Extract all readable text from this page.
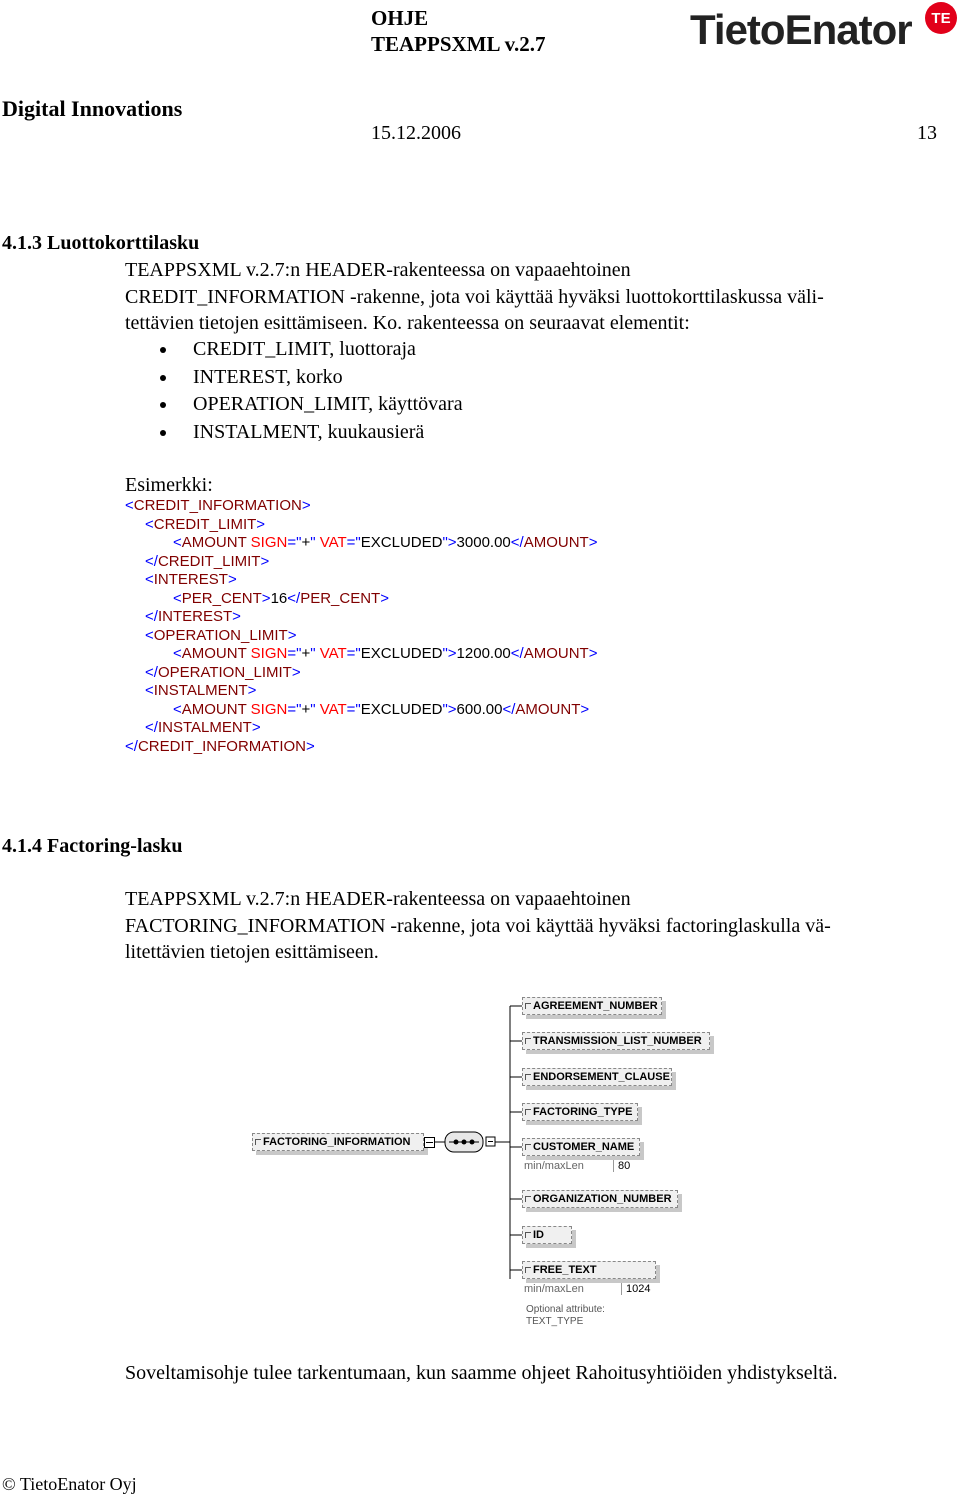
OHJE
TEAPPSXML v.2.7	TietoEnator	TE
Digital Innovations
15.12.2006	13
4.1.3 Luottokorttilasku
TEAPPSXML v.2.7:n HEADER-rakenteessa on vapaaehtoinen
CREDIT_INFORMATION -rakenne, jota voi käyttää hyväksi luottokorttilaskussa väli-
tettävien tietojen esittämiseen. Ko. rakenteessa on seuraavat elementit:
CREDIT_LIMIT, luottoraja
INTEREST, korko
OPERATION_LIMIT, käyttövara
INSTALMENT, kuukausierä
Esimerkki:
<CREDIT_INFORMATION>
<CREDIT_LIMIT>
<AMOUNT SIGN="+" VAT="EXCLUDED">3000.00</AMOUNT>
</CREDIT_LIMIT>
<INTEREST>
<PER_CENT>16</PER_CENT>
</INTEREST>
<OPERATION_LIMIT>
<AMOUNT SIGN="+" VAT="EXCLUDED">1200.00</AMOUNT>
</OPERATION_LIMIT>
<INSTALMENT>
<AMOUNT SIGN="+" VAT="EXCLUDED">600.00</AMOUNT>
</INSTALMENT>
</CREDIT_INFORMATION>
4.1.4 Factoring-lasku
TEAPPSXML v.2.7:n HEADER-rakenteessa on vapaaehtoinen
FACTORING_INFORMATION -rakenne, jota voi käyttää hyväksi factoringlaskulla vä-
litettävien tietojen esittämiseen.
FACTORING_INFORMATION
AGREEMENT_NUMBER
TRANSMISSION_LIST_NUMBER
ENDORSEMENT_CLAUSE
FACTORING_TYPE
CUSTOMER_NAME
min/maxLen	80
ORGANIZATION_NUMBER
ID
FREE_TEXT
min/maxLen	1024
Optional attribute:
TEXT_TYPE
Soveltamisohje tulee tarkentumaan, kun saamme ohjeet Rahoitusyhtiöiden yhdistykseltä.
© TietoEnator Oyj
